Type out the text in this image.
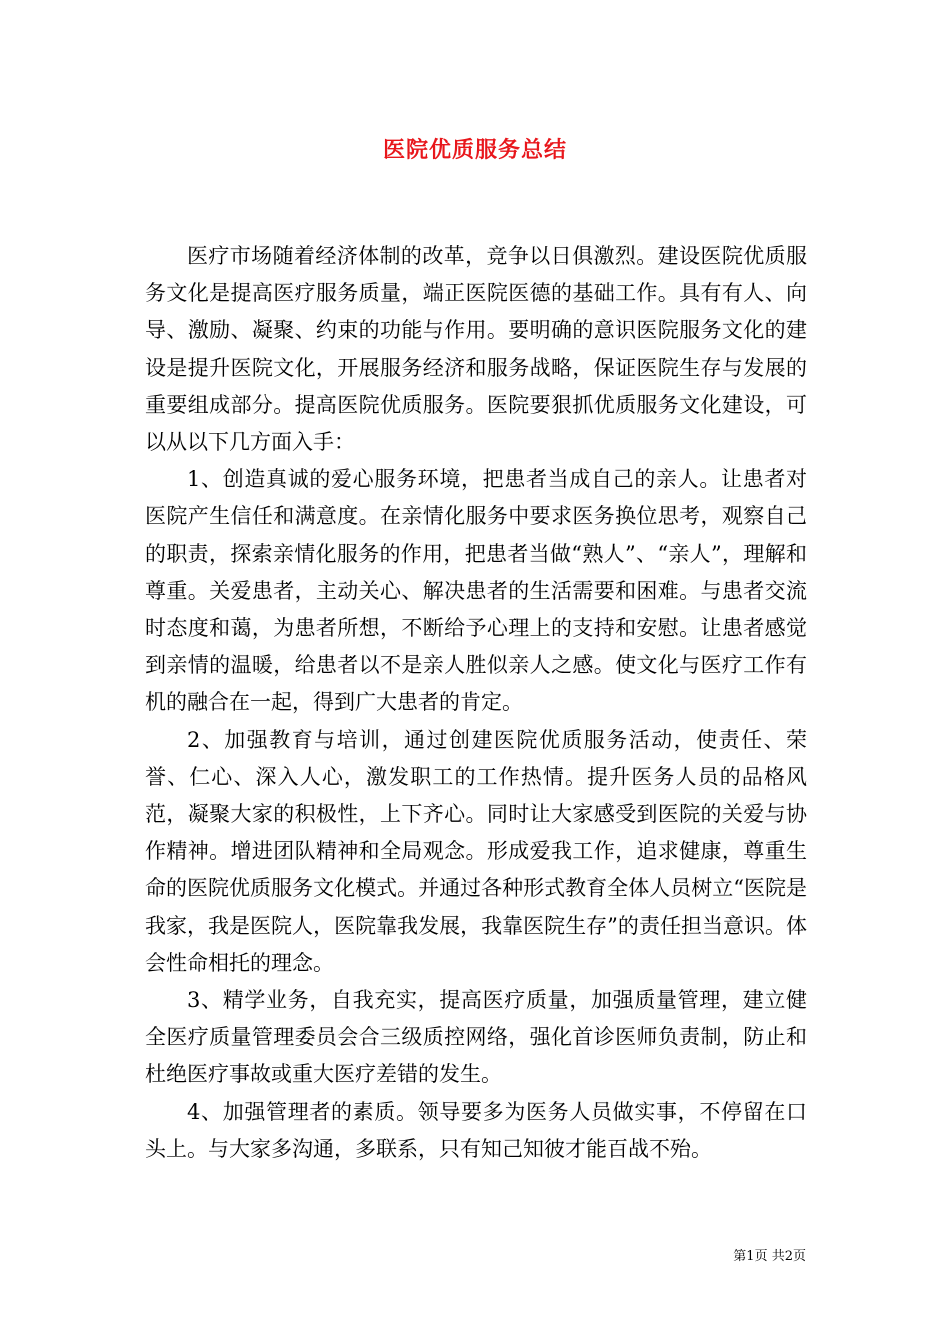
医院优质服务总结

医疗市场随着经济体制的改革，竞争以日俱激烈。建设医院优质服务文化是提高医疗服务质量，端正医院医德的基础工作。具有有人、向导、激励、凝聚、约束的功能与作用。要明确的意识医院服务文化的建设是提升医院文化，开展服务经济和服务战略，保证医院生存与发展的重要组成部分。提高医院优质服务。医院要狠抓优质服务文化建设，可以从以下几方面入手：

1、创造真诚的爱心服务环境，把患者当成自己的亲人。让患者对医院产生信任和满意度。在亲情化服务中要求医务换位思考，观察自己的职责，探索亲情化服务的作用，把患者当做“熟人”、“亲人”，理解和尊重。关爱患者，主动关心、解决患者的生活需要和困难。与患者交流时态度和蔼，为患者所想，不断给予心理上的支持和安慰。让患者感觉到亲情的温暖，给患者以不是亲人胜似亲人之感。使文化与医疗工作有机的融合在一起，得到广大患者的肯定。

2、加强教育与培训，通过创建医院优质服务活动，使责任、荣誉、仁心、深入人心，激发职工的工作热情。提升医务人员的品格风范，凝聚大家的积极性，上下齐心。同时让大家感受到医院的关爱与协作精神。增进团队精神和全局观念。形成爱我工作，追求健康，尊重生命的医院优质服务文化模式。并通过各种形式教育全体人员树立“医院是我家，我是医院人，医院靠我发展，我靠医院生存”的责任担当意识。体会性命相托的理念。

3、精学业务，自我充实，提高医疗质量，加强质量管理，建立健全医疗质量管理委员会合三级质控网络，强化首诊医师负责制，防止和杜绝医疗事故或重大医疗差错的发生。

4、加强管理者的素质。领导要多为医务人员做实事，不停留在口头上。与大家多沟通，多联系，只有知己知彼才能百战不殆。

第1页 共2页
